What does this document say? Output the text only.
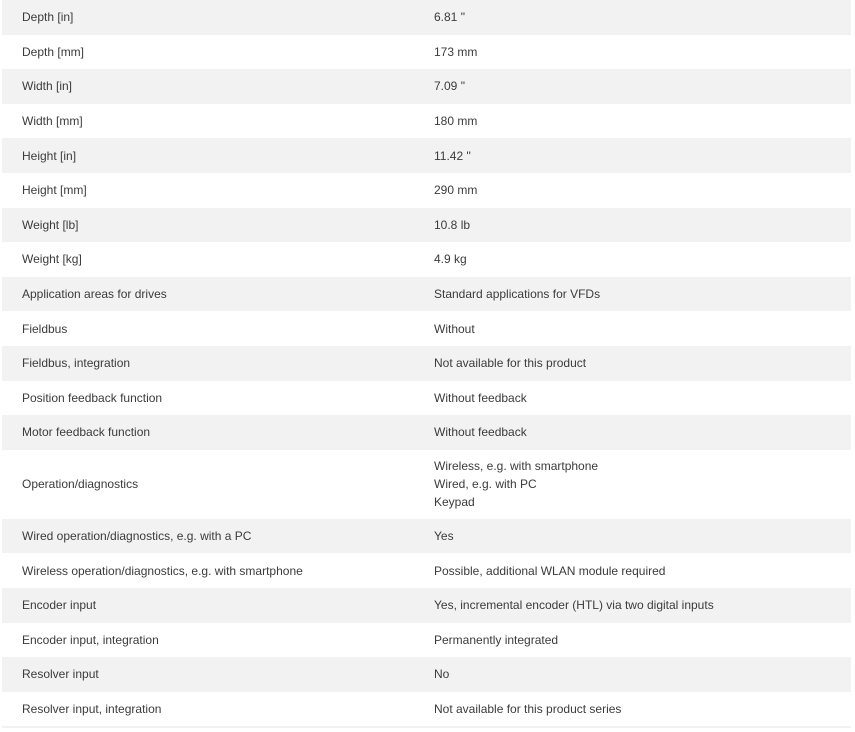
Depth [in]	6.81 "
Depth [mm]	173 mm
Width [in]	7.09 "
Width [mm]	180 mm
Height [in]	11.42 "
Height [mm]	290 mm
Weight [lb]	10.8 lb
Weight [kg]	4.9 kg
Application areas for drives	Standard applications for VFDs
Fieldbus	Without
Fieldbus, integration	Not available for this product
Position feedback function	Without feedback
Motor feedback function	Without feedback
Operation/diagnostics	Wireless, e.g. with smartphone
Wired, e.g. with PC
Keypad

Wired operation/diagnostics, e.g. with a PC	Yes
Wireless operation/diagnostics, e.g. with smartphone	Possible, additional WLAN module required
Encoder input	Yes, incremental encoder (HTL) via two digital inputs
Encoder input, integration	Permanently integrated
Resolver input	No
Resolver input, integration	Not available for this product series
